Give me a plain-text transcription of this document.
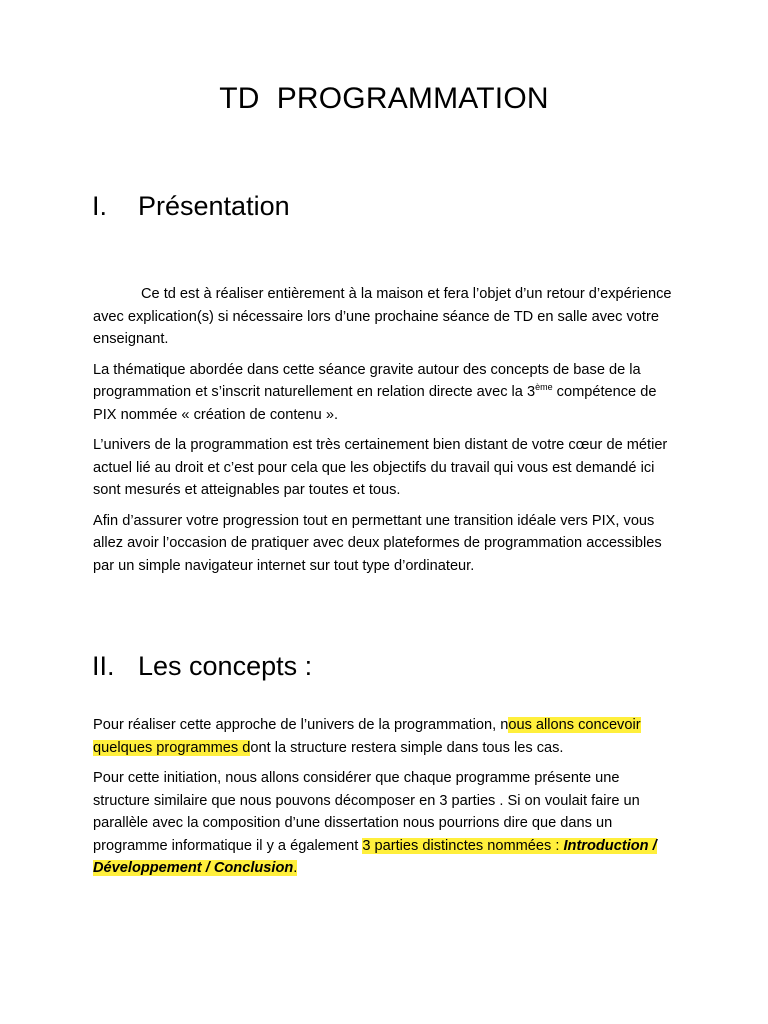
TD  PROGRAMMATION
I. Présentation

Ce td est à réaliser entièrement à la maison et fera l’objet d’un retour d’expérience avec explication(s) si nécessaire lors d’une prochaine séance de TD en salle avec votre enseignant.

La thématique abordée dans cette séance gravite autour des concepts de base de la programmation et s’inscrit naturellement en relation directe avec la 3ème compétence de PIX nommée « création de contenu ».

L’univers de la programmation est très certainement bien distant de votre cœur de métier actuel lié au droit et c’est pour cela que les objectifs du travail qui vous est demandé ici sont mesurés et atteignables par toutes et tous.

Afin d’assurer votre progression tout en permettant une transition idéale vers PIX, vous allez avoir l’occasion de pratiquer avec deux plateformes de programmation accessibles par un simple navigateur internet sur tout type d’ordinateur.

II. Les concepts :

Pour réaliser cette approche de l’univers de la programmation, nous allons concevoir quelques programmes dont la structure restera simple dans tous les cas.

Pour cette initiation, nous allons considérer que chaque programme présente une structure similaire que nous pouvons décomposer en 3 parties . Si on voulait faire un parallèle avec la composition d’une dissertation nous pourrions dire que dans un programme informatique il y a également 3 parties distinctes nommées : Introduction / Développement / Conclusion.
